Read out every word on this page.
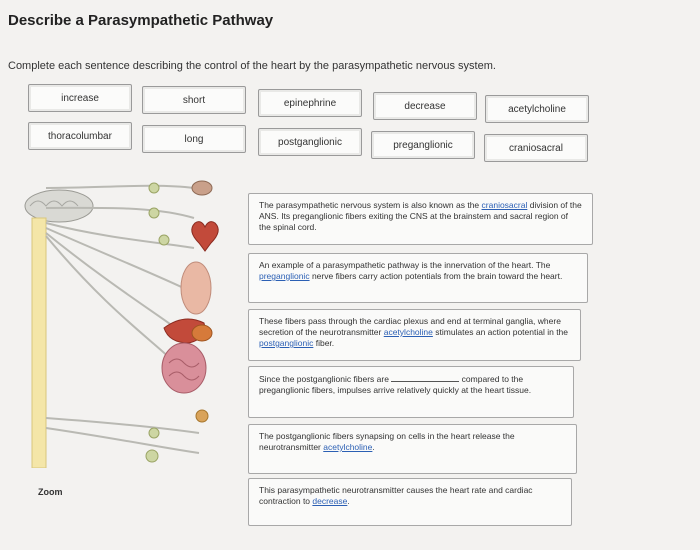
Describe a Parasympathetic Pathway
Complete each sentence describing the control of the heart by the parasympathetic nervous system.
increase	short	epinephrine	decrease	acetylcholine
thoracolumbar	long	postganglionic	preganglionic	craniosacral
Zoom
The parasympathetic nervous system is also known as the craniosacral division of the ANS. Its preganglionic fibers exiting the CNS at the brainstem and sacral region of the spinal cord.
An example of a parasympathetic pathway is the innervation of the heart. The preganglionic nerve fibers carry action potentials from the brain toward the heart.
These fibers pass through the cardiac plexus and end at terminal ganglia, where secretion of the neurotransmitter acetylcholine stimulates an action potential in the postganglionic fiber.
Since the postganglionic fibers are	compared to the preganglionic fibers, impulses arrive relatively quickly at the heart tissue.
The postganglionic fibers synapsing on cells in the heart release the neurotransmitter acetylcholine.
This parasympathetic neurotransmitter causes the heart rate and cardiac contraction to decrease.
